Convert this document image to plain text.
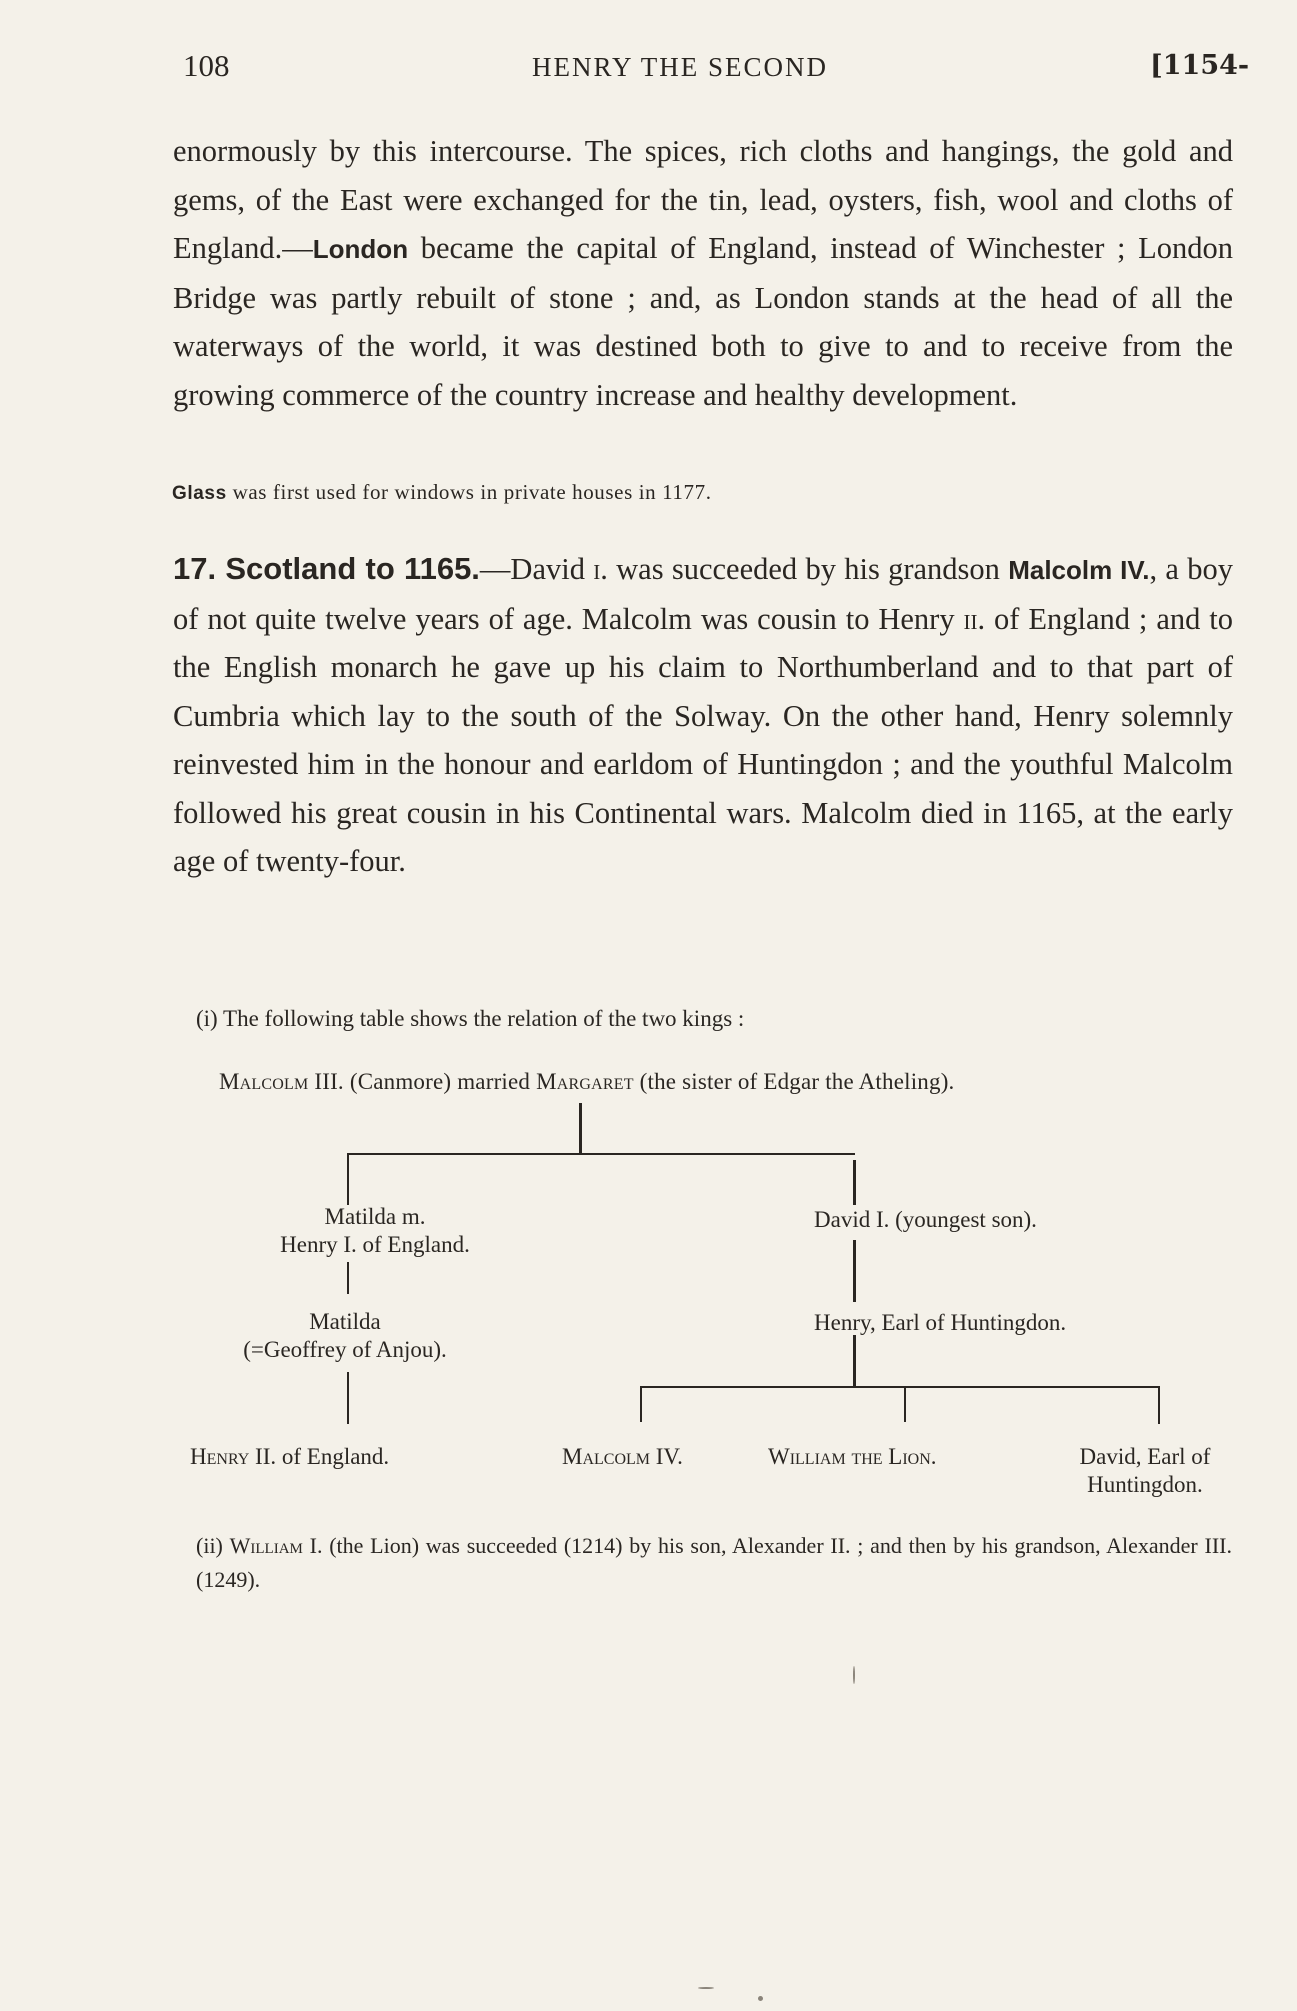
108	HENRY THE SECOND	[1154-
enormously by this intercourse. The spices, rich cloths and hangings, the gold and gems, of the East were exchanged for the tin, lead, oysters, fish, wool and cloths of England.—London became the capital of England, instead of Winchester ; London Bridge was partly rebuilt of stone ; and, as London stands at the head of all the waterways of the world, it was destined both to give to and to receive from the growing commerce of the country increase and healthy development.
Glass was first used for windows in private houses in 1177.
17. Scotland to 1165.—David i. was succeeded by his grandson Malcolm IV., a boy of not quite twelve years of age. Malcolm was cousin to Henry ii. of England ; and to the English monarch he gave up his claim to Northumberland and to that part of Cumbria which lay to the south of the Solway. On the other hand, Henry solemnly reinvested him in the honour and earldom of Huntingdon ; and the youthful Malcolm followed his great cousin in his Continental wars. Malcolm died in 1165, at the early age of twenty-four.
(i) The following table shows the relation of the two kings :
Malcolm III. (Canmore) married Margaret (the sister of Edgar the Atheling).
Matilda m.
Henry I. of England.
David I. (youngest son).
Matilda
(=Geoffrey of Anjou).
Henry, Earl of Huntingdon.
Henry II. of England.	Malcolm IV.	William the Lion.	David, Earl of
Huntingdon.
(ii) William I. (the Lion) was succeeded (1214) by his son, Alexander II. ; and then by his grandson, Alexander III. (1249).
